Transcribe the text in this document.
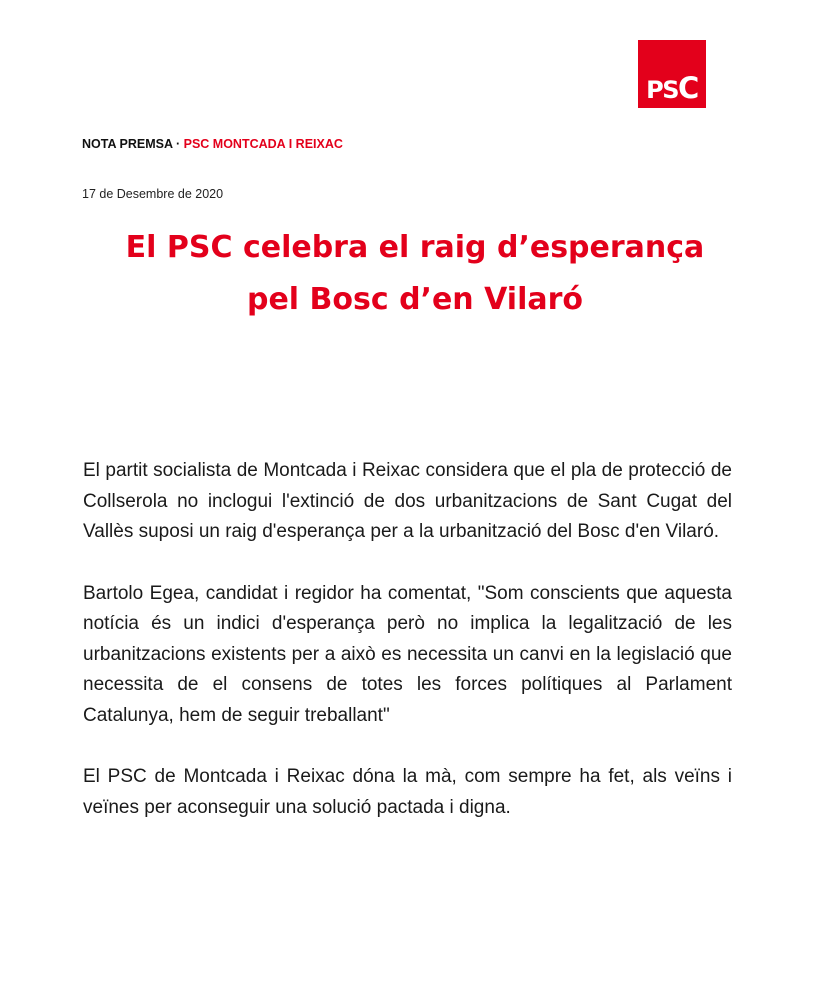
PSC
NOTA PREMSA · PSC MONTCADA I REIXAC
17 de Desembre de 2020
El PSC celebra el raig d’esperança
pel Bosc d’en Vilaró

El partit socialista de Montcada i Reixac considera que el pla de protecció de Collserola no inclogui l'extinció de dos urbanitzacions de Sant Cugat del Vallès suposi un raig d'esperança per a la urbanització del Bosc d'en Vilaró.

Bartolo Egea, candidat i regidor ha comentat, "Som conscients que aquesta notícia és un indici d'esperança però no implica la legalització de les urbanitzacions existents per a això es necessita un canvi en la legislació que necessita de el consens de totes les forces polítiques al Parlament Catalunya, hem de seguir treballant"

El PSC de Montcada i Reixac dóna la mà, com sempre ha fet, als veïns i veïnes per aconseguir una solució pactada i digna.
